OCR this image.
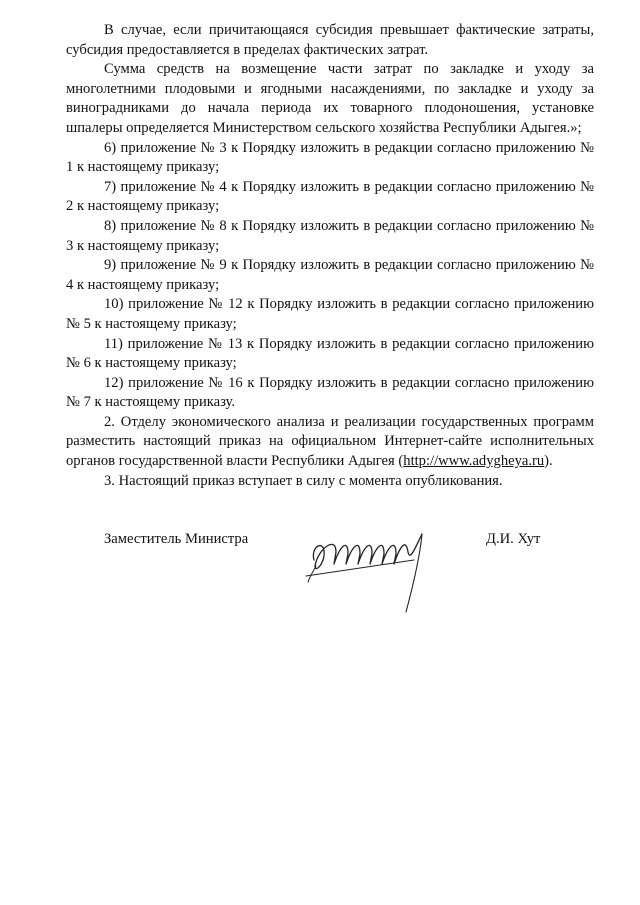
В случае, если причитающаяся субсидия превышает фактические затраты, субсидия предоставляется в пределах фактических затрат.

Сумма средств на возмещение части затрат по закладке и уходу за многолетними плодовыми и ягодными насаждениями, по закладке и уходу за виноградниками до начала периода их товарного плодоношения, установке шпалеры определяется Министерством сельского хозяйства Республики Адыгея.»;

6) приложение № 3 к Порядку изложить в редакции согласно приложению № 1 к настоящему приказу;

7) приложение № 4 к Порядку изложить в редакции согласно приложению № 2 к настоящему приказу;

8) приложение № 8 к Порядку изложить в редакции согласно приложению № 3 к настоящему приказу;

9) приложение № 9 к Порядку изложить в редакции согласно приложению № 4 к настоящему приказу;

10) приложение № 12 к Порядку изложить в редакции согласно приложению № 5 к настоящему приказу;

11) приложение № 13 к Порядку изложить в редакции согласно приложению № 6 к настоящему приказу;

12) приложение № 16 к Порядку изложить в редакции согласно приложению № 7 к настоящему приказу.

2. Отделу экономического анализа и реализации государственных программ разместить настоящий приказ на официальном Интернет-сайте исполнительных органов государственной власти Республики Адыгея (http://www.adygheya.ru).

3. Настоящий приказ вступает в силу с момента опубликования.

Заместитель Министра	Д.И. Хут
